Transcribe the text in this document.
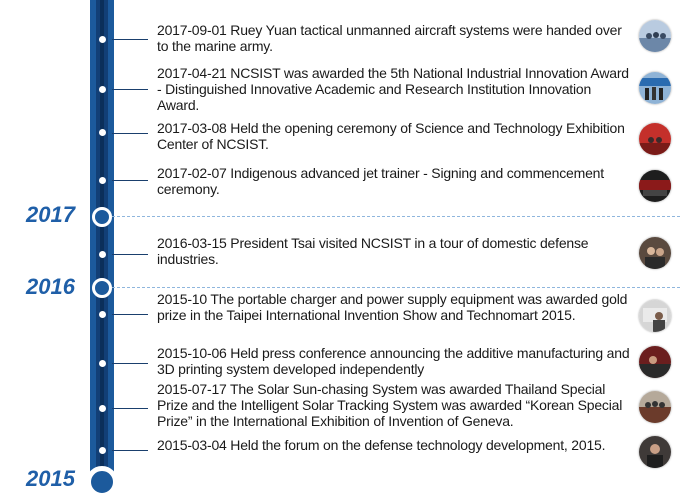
2017
2016
2015
2017-09-01 Ruey Yuan tactical unmanned aircraft systems were handed over to the marine army.
2017-04-21 NCSIST was awarded the 5th National Industrial Innovation Award - Distinguished Innovative Academic and Research Institution Innovation Award.
2017-03-08 Held the opening ceremony of Science and Technology Exhibition Center of NCSIST.
2017-02-07 Indigenous advanced jet trainer - Signing and commencement ceremony.
2016-03-15 President Tsai visited NCSIST in a tour of domestic defense industries.
2015-10 The portable charger and power supply equipment was awarded gold prize in the Taipei International Invention Show and Technomart 2015.
2015-10-06 Held press conference announcing the additive manufacturing and 3D printing system developed independently
2015-07-17 The Solar Sun-chasing System was awarded Thailand Special Prize and the Intelligent Solar Tracking System was awarded “Korean Special Prize” in the International Exhibition of Invention of Geneva.
2015-03-04 Held the forum on the defense technology development, 2015.
